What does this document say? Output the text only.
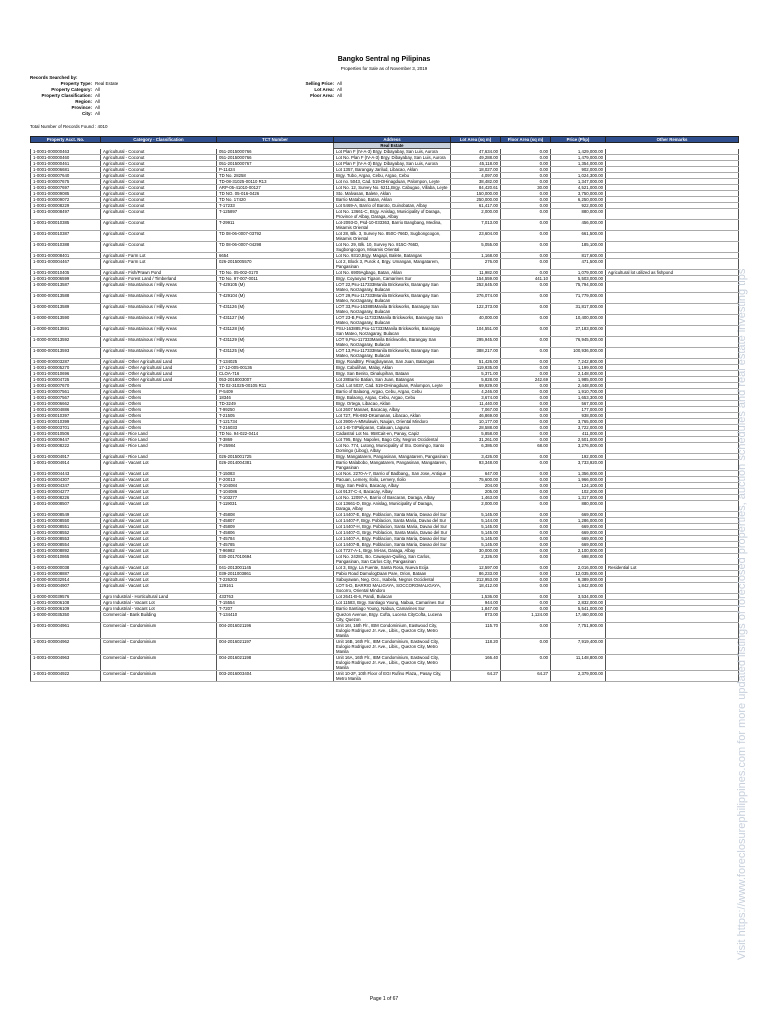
Bangko Sentral ng Pilipinas
Properties for Sale as of November 3, 2019
Records Searched by:
Property Type: Real Estate
Property Category: All
Property Classification: All
Region: All
Province: All
City: All
Selling Price: All
Lot Area: All
Floor Area: All
Total Number of Records Found : 4010
Property Acct. No.	Category - Classification	TCT Number	Address	Lot Area (sq m)	Floor Area (sq m)	Price (Php)	Other Remarks
			Real Estate				
1-0001-000000463	Agricultural - Coconut	051-2015000766	Lot Plan F (IV-A-3) Brgy. Dibayabay, San Luis, Aurora	47,634.00	0.00	1,429,000.00	
1-0001-000000460	Agricultural - Coconut	051-2015000766	Lot No. Plan F (IV-A-3) Brgy. Dibayabay, San Luis, Aurora	49,288.00	0.00	1,479,000.00	
1-0001-000000461	Agricultural - Coconut	051-2015000767	Lot Plan F (IV-A-3) Brgy. Dibayabay, San Luis, Aurora	45,118.00	0.00	1,354,000.00	
1-0001-000006681	Agricultural - Coconut	P-11424	Lot 1357, Barangay Jarilud, Libacao, Aklan	18,027.00	0.00	902,000.00	
1-0001-000007640	Agricultural - Coconut	TD No. 28258	Brgy. Tubo, Argao, Cebu, Argao, Cebu	4,097.00	0.00	1,024,300.00	
1-0001-000007675	Agricultural - Coconut	TD-08-31025-00110 R13	Lot no. 5043, Cad. 519-DHinagduan, Palompon, Leyte	38,482.00	0.00	1,347,000.00	
1-0001-000007697	Agricultural - Coconut	ARP-05-41010-00127	Lot No. 12, Survey No. 6211,Brgy. Cabugao, Villaba, Leyte	84,420.61	30.00	4,521,000.00	
1-0001-000009085	Agricultural - Coconut	TD NO. 05-016-0426	Sto. Malvasan, Balete, Aklan	150,000.00	0.00	3,750,000.00	
1-0001-000009072	Agricultural - Coconut	TD No. 17420	Barrio Matabao, Batan, Aklan	250,000.00	0.00	6,250,000.00	
1-0001-000008229	Agricultural - Coconut	T-17233	Lot 5469-A, Barrio of Baroto, Guinobatan, Albay	61,417.00	0.00	922,000.00	
1-0001-000008497	Agricultural - Coconut	T-125897	Lot No. 13661-C, Brgy. Anislag, Municipality of Daraga, Province of Albay, Daraga, Albay	2,000.00	0.00	880,000.00	
1-0001-000010385	Agricultural - Coconut	T-29911	Lot-2093-D, Psd-10-033363, Barrio Bangbang, Medina, Misamis Oriental	7,013.00	0.00	456,000.00	
1-0001-000010387	Agricultural - Coconut	TD 08-06-0007-03792	Lot 28, Blk. 3, Survey No. 850C-766D, Sugbongcogon, Misamis Oriental	23,604.00	0.00	661,500.00	
1-0001-000010388	Agricultural - Coconut	TD 08-06-0007-04298	Lot No. 29, Blk. 10, Survey No. 815C-766D, Sugbongcogon, Misamis Oriental	5,055.00	0.00	185,100.00	
1-0001-000008401	Agricultural - Farm Lot	6654	Lot No. 9310,Brgy. Magapi, Balete, Batangas	1,168.00	0.00	817,600.00	
1-0001-000004467	Agricultural - Farm Lot	026-2015005570	Lot 2, Block 3, Purok 4, Brgy. Umangan, Mangatarem, Pangasinan	276.00	0.00	471,500.00	
1-0001-000010405	Agricultural - Fish/Prawn Pond	TD No. 05-002-0170	Lot No. 6909Agbago, Batan, Aklan	11,982.00	0.00	1,079,000.00	Agricultural lot utilized as fishpond
1-0001-000006599	Agricultural - Forest Land / Timberland	TD No. 97-007-0011	Brgy. Coyaoyao Tigaon, Camarines Sur	154,559.00	441.10	5,503,000.00	
1-0000-000013587	Agricultural - Mountainous / Hilly Areas	T-429105 (M)	LOT 22,Psu-117333Manila Brickworks, Barangay San Mateo, Norzagaray, Bulacan	252,645.00	0.00	75,794,000.00	
1-0000-000013588	Agricultural - Mountainous / Hilly Areas	T-429104 (M)	LOT 29,Psu-117333Manila Brickworks, Barangay San Mateo, Norzagaray, Bulacan	276,074.00	0.00	71,779,000.00	
1-0000-000013589	Agricultural - Mountainous / Hilly Areas	T-431126 (M)	LOT 33,Psu-163885Manila Brickworks, Barangay San Mateo, Norzagaray, Bulacan	122,373.00	0.00	31,817,000.00	
1-0000-000013590	Agricultural - Mountainous / Hilly Areas	T-431127 (M)	LOT 23-B,Psu-117333Manila Brickworks, Barangay San Mateo, Norzagaray, Bulacan	40,000.00	0.00	10,400,000.00	
1-0000-000013591	Agricultural - Mountainous / Hilly Areas	T-431128 (M)	PSU-163885,Psu-117333Manila Brickworks, Barangay San Mateo, Norzagaray, Bulacan	104,551.00	0.00	27,183,000.00	
1-0000-000013592	Agricultural - Mountainous / Hilly Areas	T-431129 (M)	LOT 9,Psu-117333Manila Brickworks, Barangay San Mateo, Norzagaray, Bulacan	295,945.00	0.00	76,945,000.00	
1-0000-000013593	Agricultural - Mountainous / Hilly Areas	T-431125 (M)	LOT 13,Psu-117333Manila Brickworks, Barangay San Mateo, Norzagaray, Bulacan	388,217.00	0.00	100,936,000.00	
1-0000-000003287	Agricultural - Other Agricultural Land	T-134025	Brgy. RoadBry. Pinagbayanan, San Juan, Batangas	51,426.00	0.00	7,242,800.00	
1-0001-000005270	Agricultural - Other Agricultural Land	17-12-005-00136	Brgy. Cabulihan, Malay, Aklan	119,935.00	0.00	1,199,000.00	
1-0001-000010696	Agricultural - Other Agricultural Land	CLOA-716	Brgy. San Benito, Dinalupihan, Bataan	5,371.00	0.00	2,148,000.00	
1-0001-000004725	Agricultural - Other Agricultural Land	053-2018003007	Lot 28Barrio Batian, San Juan, Batangas	5,828.00	242.69	1,985,000.00	
1-0001-000007670	Agricultural - Others	TD 02-31025-00105 R11	Cad. Lot 5037, Cad. 519-DHinagduan, Palompon, Leyte	69,929.00	0.00	2,448,000.00	
1-0001-000007561	Agricultural - Others	P-5409	Barrio of Balaong, Argao, Cebu, Argao, Cebu	4,246.00	0.00	1,910,700.00	
1-0001-000007567	Agricultural - Others	18346	Brgy. Balaong, Argao, Cebu, Argao, Cebu	3,674.00	0.00	1,653,300.00	
1-0001-000006662	Agricultural - Others	TD-3249	Brgy. Ortega, Libacao, Aklan	11,440.00	0.00	567,000.00	
1-0001-000004886	Agricultural - Others	T-99250	Lot 2607 Manaet, Bacacay, Albay	7,067.00	0.00	177,000.00	
1-0001-000010397	Agricultural - Others	T-21505	Lot 727, Pls-693-DKamanan, Libacao, Aklan	46,869.00	0.00	938,000.00	
1-0001-000010399	Agricultural - Others	T-121734	Lot 3906-A-MMulawin, Naujan, Oriental Mindoro	10,177.00	0.00	3,765,000.00	
1-0000-000003701	Agricultural - Others	T-216033	Lot 1-B-74Paliparan, Calauan, Laguna	28,588.00	0.00	3,722,000.00	
1-0001-000010506	Agricultural - Rice Land	TD No. 94-022-0414	Cadastral Lot No. 958Cait-en, Panay, Capiz	5,858.00	0.00	411,000.00	
1-0001-000009447	Agricultural - Rice Land	T-3869	Lot 795, Brgy. Napoles, Bago City, Negros Occidental	31,261.00	0.00	2,501,000.00	
1-0001-000008222	Agricultural - Rice Land	P-25984	Lot No. 774, Lutong, Municipality of Sto. Domingo, Santo Domingo (Libog), Albay	6,386.00	68.00	3,276,000.00	
1-0001-000004917	Agricultural - Rice Land	026-2015001725	Brgy. Mangatarem, Pangasinan, Mangatarem, Pangasinan	3,426.00	0.00	192,000.00	
1-0001-000004914	Agricultural - Vacant Lot	026-2014004381	Barrio Malabobo, Mangatarem, Pangasinan, Mangatarem, Pangasinan	93,348.00	0.00	3,733,920.00	
1-0001-000004443	Agricultural - Vacant Lot	T-15083	Lot Nos. 2270-A-7, Barrio of Badbang,, San Jose, Antique	647.00	0.00	1,356,000.00	
1-0001-000004307	Agricultural - Vacant Lot	F-20013	Pacuan, Lemery, Iloilo, Lemery, Iloilo	75,600.00	0.00	1,966,000.00	
1-0001-000004347	Agricultural - Vacant Lot	T-104084	Brgy. San Pedro, Bacacay, Albay	204.00	0.00	124,100.00	
1-0001-000004277	Agricultural - Vacant Lot	T-104086	Lot 9137-C-4, Bacacay, Albay	205.00	0.00	102,200.00	
1-0001-000008226	Agricultural - Vacant Lot	T-103277	Lot No. 12097-A, Barrio of Bascaran, Daraga, Albay	1,463.00	0.00	1,317,000.00	
1-0001-000008507	Agricultural - Vacant Lot	T-119031	Lot 13661-D, Brgy. Anislag, Municipality of Daraga, Daraga, Albay	2,000.00	0.00	880,000.00	
1-0001-000008549	Agricultural - Vacant Lot	T-45808	Lot 14407-E, Brgy. Poblacion, Santa Maria, Davao del Sur	5,145.00	0.00	669,000.00	
1-0001-000008550	Agricultural - Vacant Lot	T-45807	Lot 14407-F, Brgy. Poblacion, Santa Maria, Davao del Sur	5,144.00	0.00	1,286,000.00	
1-0001-000008551	Agricultural - Vacant Lot	T-45809	Lot 14407-H, Brgy. Poblacion, Santa Maria, Davao del Sur	5,145.00	0.00	669,000.00	
1-0001-000008552	Agricultural - Vacant Lot	T-45806	Lot 14407-G, Brgy. Poblacion, Santa Maria, Davao del Sur	5,145.00	0.00	669,000.00	
1-0001-000008553	Agricultural - Vacant Lot	T-45784	Lot 14407-A, Brgy. Poblacion, Santa Maria, Davao del Sur	5,145.00	0.00	669,000.00	
1-0001-000008554	Agricultural - Vacant Lot	T-45785	Lot 14407-B, Brgy. Poblacion, Santa Maria, Davao del Sur	5,145.00	0.00	669,000.00	
1-0001-000008892	Agricultural - Vacant Lot	T-96982	Lot 7727-A-1, Brgy. Mi-Ias, Daraga, Albay	30,000.00	0.00	2,100,000.00	
1-0001-000010865	Agricultural - Vacant Lot	030-2017010694	Lot No. 24281, Bo. Cawayan-Quiling, San Carlos, Pangasinan, San Carlos City, Pangasinan	2,326.00	0.00	698,000.00	
1-0001-000000038	Agricultural - Vacant Lot	041-2013001145	Lot 3, Brgy. La Fuente, Santa Rosa, Nueva Ecija	12,597.00	0.00	2,016,000.00	Residential Lot
1-0001-000008887	Agricultural - Vacant Lot	039-2011003861	Pabio Road DamulogDaan Pare, Orion, Bataan	86,233.00	0.00	12,035,000.00	
1-0000-000032914	Agricultural - Vacant Lot	T-226203	Sabuyawan, Neg. Occ., Isabela, Negros Occidental	212,953.00	0.00	6,389,000.00	
1-0001-000004907	Agricultural - Vacant Lot	129161	LOT 5-D, BARRIO MALIGAYA, SOCCOROMALIGAYA, Socorro, Oriental Mindoro	18,412.00	0.00	1,842,000.00	
1-0000-000039576	Agro Industrial - Horticultural Land	433763	Lot 2641-B-6, Pandi, Bulacan	1,536.00	0.00	3,534,000.00	
1-0001-000006108	Agro Industrial - Vacant Lot	T-15554	Lot 11583, Brgy. Santiago Young, Nabua, Camarines Sur	944.00	0.00	2,832,000.00	
1-0001-000006109	Agro Industrial - Vacant Lot	T-7207	Barrio Santiago Young, Nabua, Camarines Sur	1,847.00	0.00	5,541,000.00	
1-0000-000035350	Commercial - Bank Building	T-134410	Quezon Avenue, Brgy. Cofta, Lucena CityCofta, Lucena City, Quezon	873.00	1,124.00	17,460,000.00	
1-0001-000004961	Commercial - Condominium	004-2016021196	Unit 16I, 16th Flr., IBM Condominium, Eastwood City, Eulogio Rodriguez Jr. Ave., Libis,, Quezon City, Metro Manila	115.70	0.00	7,751,900.00	
1-0001-000004962	Commercial - Condominium	004-2016021197	Unit 16B, 16th Flr., IBM Condominium, Eastwood City, Eulogio Rodriguez Jr. Ave., Libis,, Quezon City, Metro Manila	118.20	0.00	7,919,400.00	
1-0001-000004963	Commercial - Condominium	004-2016021198	Unit 16A, 16th Flr., IBM Condominium, Eastwood City, Eulogio Rodriguez Jr. Ave., Libis,, Quezon City, Metro Manila	166.40	0.00	11,148,800.00	
1-0001-000004922	Commercial - Condominium	003-2016003404	Unit 10-2F, 10th Floor of EGI Rufino Plaza,, Pasay City, Metro Manila	64.27	64.27	2,379,000.00	
Page 1 of 67
Visit https://www.foreclosurephilippines.com for more updated listings of foreclosed properties, auction schedules and real estate investing tips
